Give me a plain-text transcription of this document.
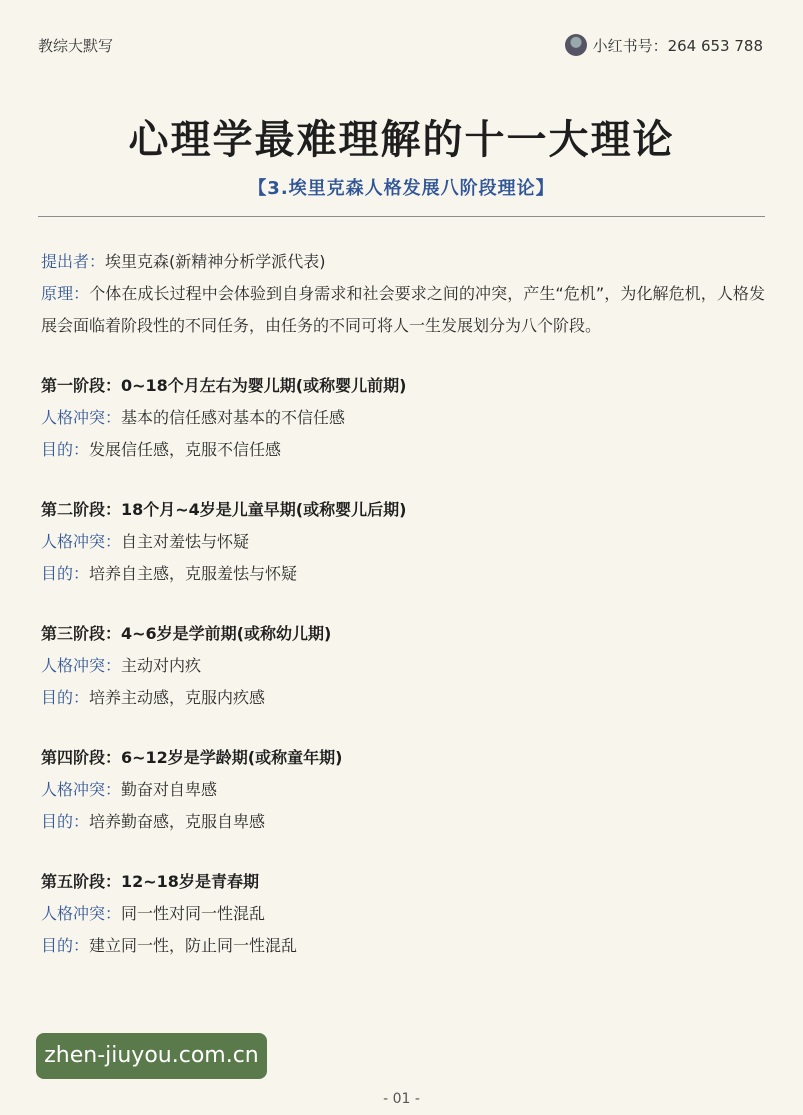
教综大默写	小红书号：264 653 788
心理学最难理解的十一大理论
【3.埃里克森人格发展八阶段理论】
提出者：埃里克森(新精神分析学派代表)
原理：个体在成长过程中会体验到自身需求和社会要求之间的冲突，产生“危机”，为化解危机，人格发展会面临着阶段性的不同任务，由任务的不同可将人一生发展划分为八个阶段。
第一阶段：0~18个月左右为婴儿期(或称婴儿前期)
人格冲突：基本的信任感对基本的不信任感
目的：发展信任感，克服不信任感
第二阶段：18个月~4岁是儿童早期(或称婴儿后期)
人格冲突：自主对羞怯与怀疑
目的：培养自主感，克服羞怯与怀疑
第三阶段：4~6岁是学前期(或称幼儿期)
人格冲突：主动对内疚
目的：培养主动感，克服内疚感
第四阶段：6~12岁是学龄期(或称童年期)
人格冲突：勤奋对自卑感
目的：培养勤奋感，克服自卑感
第五阶段：12~18岁是青春期
人格冲突：同一性对同一性混乱
目的：建立同一性，防止同一性混乱
zhen-jiuyou.com.cn
- 01 -
